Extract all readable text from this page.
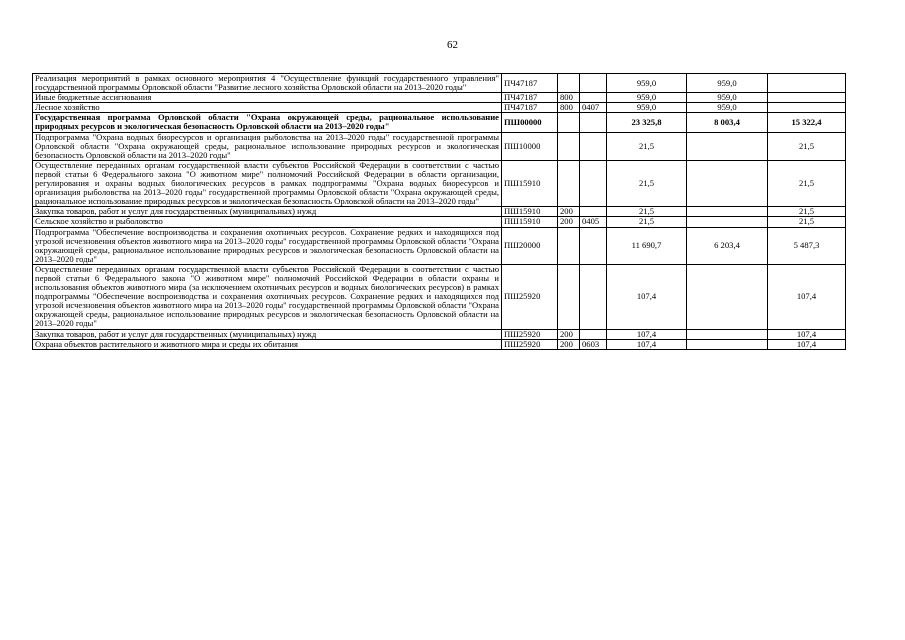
62
Реализация мероприятий в рамках основного мероприятия 4 "Осуществление функций государственного управления" государственной программы Орловской области "Развитие лесного хозяйства Орловской области на 2013–2020 годы"	ПЧ47187			959,0	959,0	
Иные бюджетные ассигнования	ПЧ47187	800		959,0	959,0	
Лесное хозяйство	ПЧ47187	800	0407	959,0	959,0	
Государственная программа Орловской области "Охрана окружающей среды, рациональное использование природных ресурсов и экологическая безопасность Орловской области на 2013–2020 годы"	ПШ00000			23 325,8	8 003,4	15 322,4
Подпрограмма "Охрана водных биоресурсов и организация рыболовства на 2013–2020 годы" государственной программы Орловской области "Охрана окружающей среды, рациональное использование природных ресурсов и экологическая безопасность Орловской области на 2013–2020 годы"	ПШ10000			21,5		21,5
Осуществление переданных органам государственной власти субъектов Российской Федерации в соответствии с частью первой статьи 6 Федерального закона "О животном мире" полномочий Российской Федерации в области организации, регулирования и охраны водных биологических ресурсов в рамках подпрограммы "Охрана водных биоресурсов и организация рыболовства на 2013–2020 годы" государственной программы Орловской области "Охрана окружающей среды, рациональное использование природных ресурсов и экологическая безопасность Орловской области на 2013–2020 годы"	ПШ15910			21,5		21,5
Закупка товаров, работ и услуг для государственных (муниципальных) нужд	ПШ15910	200		21,5		21,5
Сельское хозяйство и рыболовство	ПШ15910	200	0405	21,5		21,5
Подпрограмма "Обеспечение воспроизводства и сохранения охотничьих ресурсов. Сохранение редких и находящихся под угрозой исчезновения объектов животного мира на 2013–2020 годы" государственной программы Орловской области "Охрана окружающей среды, рациональное использование природных ресурсов и экологическая безопасность Орловской области на 2013–2020 годы"	ПШ20000			11 690,7	6 203,4	5 487,3
Осуществление переданных органам государственной власти субъектов Российской Федерации в соответствии с частью первой статьи 6 Федерального закона "О животном мире" полномочий Российской Федерации в области охраны и использования объектов животного мира (за исключением охотничьих ресурсов и водных биологических ресурсов) в рамках подпрограммы "Обеспечение воспроизводства и сохранения охотничьих ресурсов. Сохранение редких и находящихся под угрозой исчезновения объектов животного мира на 2013–2020 годы" государственной программы Орловской области "Охрана окружающей среды, рациональное использование природных ресурсов и экологическая безопасность Орловской области на 2013–2020 годы"	ПШ25920			107,4		107,4
Закупка товаров, работ и услуг для государственных (муниципальных) нужд	ПШ25920	200		107,4		107,4
Охрана объектов растительного и животного мира и среды их обитания	ПШ25920	200	0603	107,4		107,4
